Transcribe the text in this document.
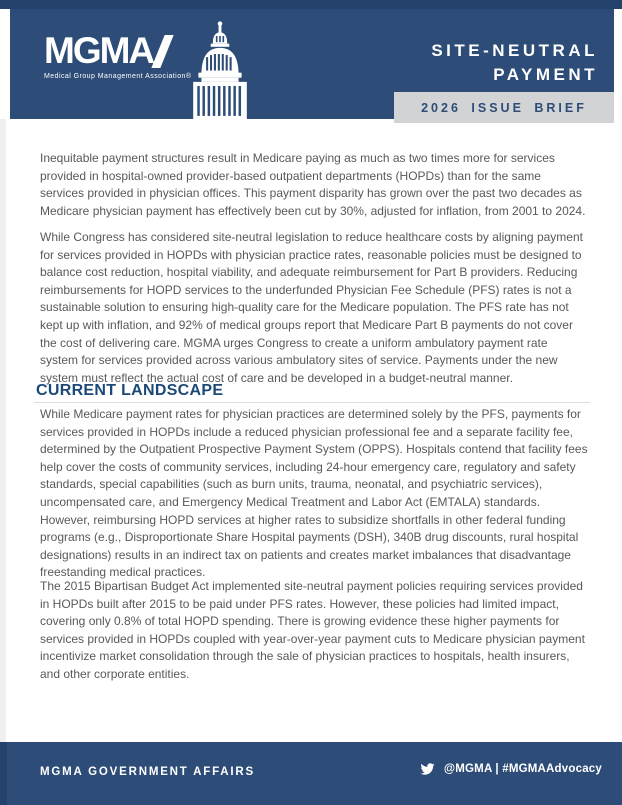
MGMA
Medical Group Management Association®
SITE-NEUTRAL
PAYMENT
2026 ISSUE BRIEF

Inequitable payment structures result in Medicare paying as much as two times more for services provided in hospital-owned provider-based outpatient departments (HOPDs) than for the same services provided in physician offices. This payment disparity has grown over the past two decades as Medicare physician payment has effectively been cut by 30%, adjusted for inflation, from 2001 to 2024.

While Congress has considered site-neutral legislation to reduce healthcare costs by aligning payment for services provided in HOPDs with physician practice rates, reasonable policies must be designed to balance cost reduction, hospital viability, and adequate reimbursement for Part B providers. Reducing reimbursements for HOPD services to the underfunded Physician Fee Schedule (PFS) rates is not a sustainable solution to ensuring high-quality care for the Medicare population. The PFS rate has not kept up with inflation, and 92% of medical groups report that Medicare Part B payments do not cover the cost of delivering care. MGMA urges Congress to create a uniform ambulatory payment rate system for services provided across various ambulatory sites of service. Payments under the new system must reflect the actual cost of care and be developed in a budget-neutral manner.

CURRENT LANDSCAPE

While Medicare payment rates for physician practices are determined solely by the PFS, payments for services provided in HOPDs include a reduced physician professional fee and a separate facility fee, determined by the Outpatient Prospective Payment System (OPPS). Hospitals contend that facility fees help cover the costs of community services, including 24-hour emergency care, regulatory and safety standards, special capabilities (such as burn units, trauma, neonatal, and psychiatric services), uncompensated care, and Emergency Medical Treatment and Labor Act (EMTALA) standards. However, reimbursing HOPD services at higher rates to subsidize shortfalls in other federal funding programs (e.g., Disproportionate Share Hospital payments (DSH), 340B drug discounts, rural hospital designations) results in an indirect tax on patients and creates market imbalances that disadvantage freestanding medical practices.

The 2015 Bipartisan Budget Act implemented site-neutral payment policies requiring services provided in HOPDs built after 2015 to be paid under PFS rates. However, these policies had limited impact, covering only 0.8% of total HOPD spending. There is growing evidence these higher payments for services provided in HOPDs coupled with year-over-year payment cuts to Medicare physician payment incentivize market consolidation through the sale of physician practices to hospitals, health insurers, and other corporate entities.

MGMA GOVERNMENT AFFAIRS	@MGMA | #MGMAAdvocacy
